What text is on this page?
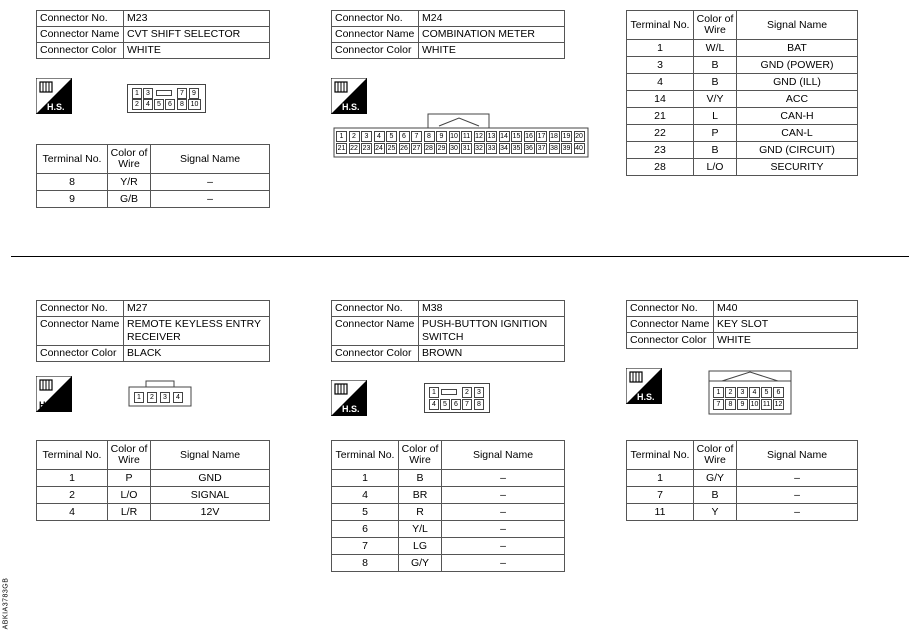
ABKIA3783GB
Connector No.	M23
Connector Name	CVT SHIFT SELECTOR
Connector Color	WHITE
H.S.
1	3	7	9
2	4	5	6	8 10
Terminal No.	Color of Wire	Signal Name
8	Y/R	–
9	G/B	–
Connector No.	M24
Connector Name	COMBINATION METER
Connector Color	WHITE
H.S.
1	2	3	4	5	6	7	8	9 10 11 12 13 14 15 16 17 18 19 20
21 22 23 24 25 26 27 28 29 30 31 32 33 34 35 36 37 38 39 40
Terminal No.	Color of Wire	Signal Name
1	W/L	BAT
3	B	GND (POWER)
4	B	GND (ILL)
14	V/Y	ACC
21	L	CAN-H
22	P	CAN-L
23	B	GND (CIRCUIT)
28	L/O	SECURITY
Connector No.	M27
Connector Name	REMOTE KEYLESS ENTRY RECEIVER
Connector Color	BLACK
H.S.
1	2	3	4
Terminal No.	Color of Wire	Signal Name
1	P	GND
2	L/O	SIGNAL
4	L/R	12V
Connector No.	M38
Connector Name	PUSH-BUTTON IGNITION SWITCH
Connector Color	BROWN
H.S.
1	2	3
4	5	6	7	8
Terminal No.	Color of Wire	Signal Name
1	B	–
4	BR	–
5	R	–
6	Y/L	–
7	LG	–
8	G/Y	–
Connector No.	M40
Connector Name	KEY SLOT
Connector Color	WHITE
H.S.	1	2	3	4	5	6
7	8	9 10 11 12
Terminal No.	Color of Wire	Signal Name
1	G/Y	–
7	B	–
11	Y	–
